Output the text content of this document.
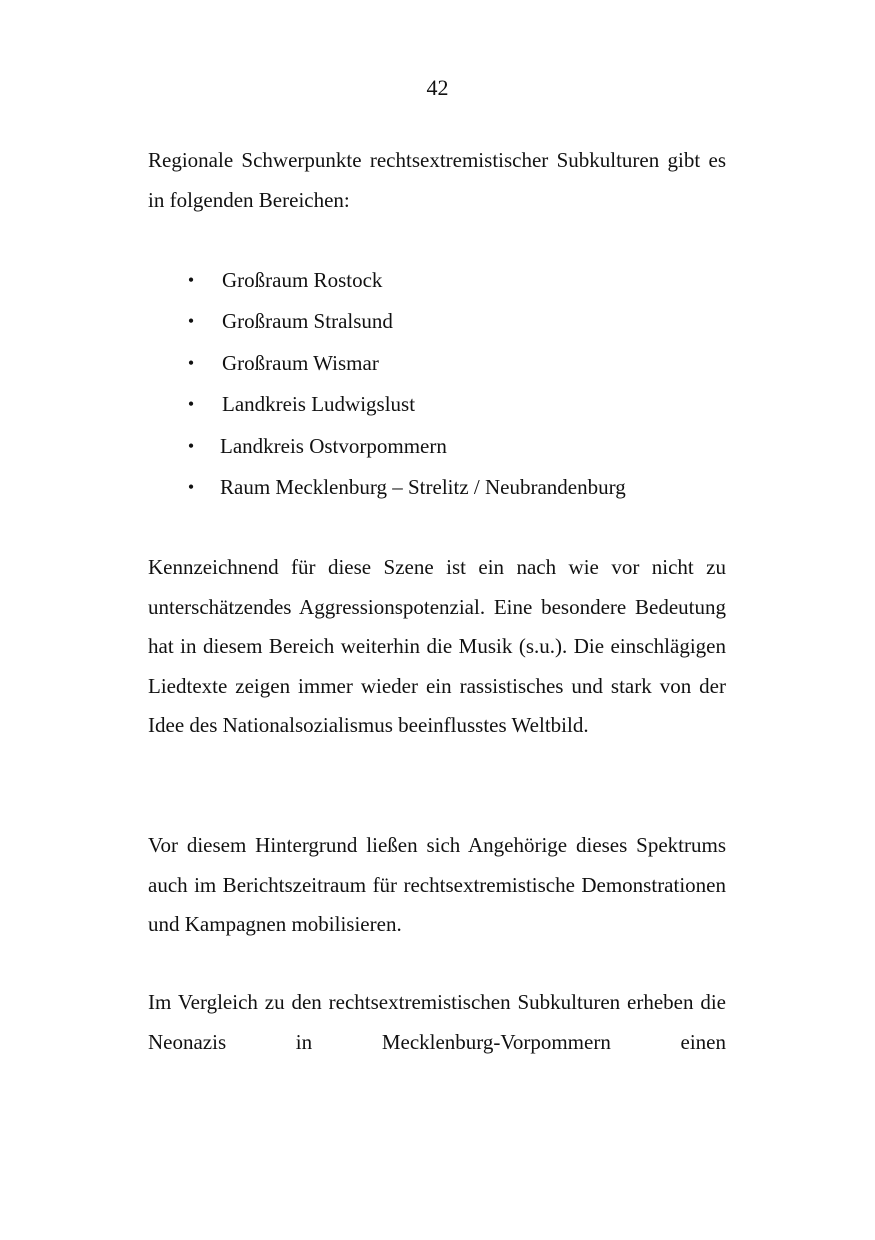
42

Regionale Schwerpunkte rechtsextremistischer Subkulturen gibt es in folgenden Bereichen:

• Großraum Rostock
• Großraum Stralsund
• Großraum Wismar
• Landkreis Ludwigslust
• Landkreis Ostvorpommern
• Raum Mecklenburg – Strelitz / Neubrandenburg

Kennzeichnend für diese Szene ist ein nach wie vor nicht zu unterschätzendes Aggressionspotenzial. Eine besondere Bedeutung hat in diesem Bereich weiterhin die Musik (s.u.). Die einschlägigen Liedtexte zeigen immer wieder ein rassistisches und stark von der Idee des Nationalsozialismus beeinflusstes Weltbild.

Vor diesem Hintergrund ließen sich Angehörige dieses Spektrums auch im Berichtszeitraum für rechtsextremistische Demonstrationen und Kampagnen mobilisieren.

Im Vergleich zu den rechtsextremistischen Subkulturen erheben die Neonazis in Mecklenburg-Vorpommern einen
